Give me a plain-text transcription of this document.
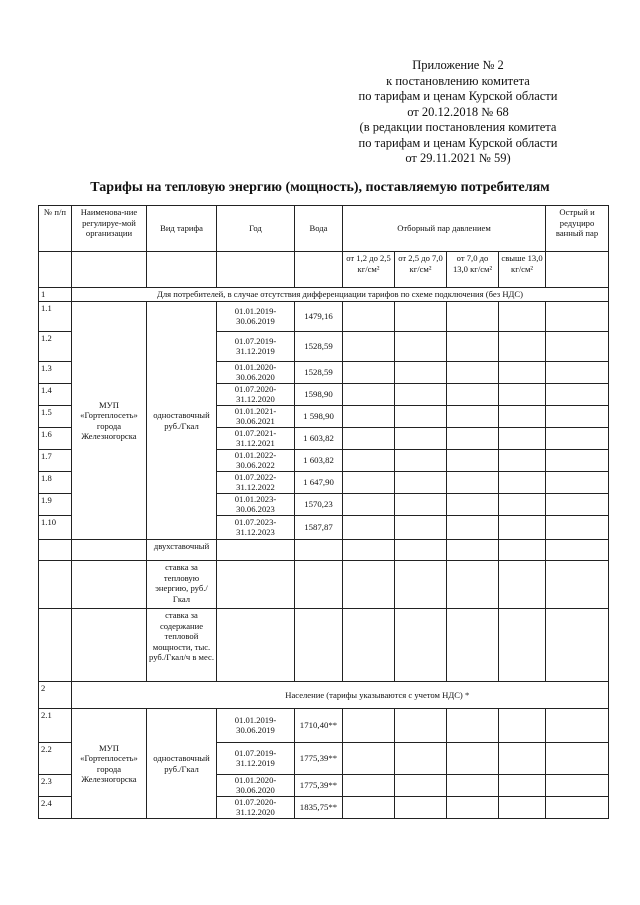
Приложение № 2
к постановлению комитета
по тарифам и ценам Курской области
от 20.12.2018 № 68
(в редакции постановления комитета
по тарифам и ценам Курской области
от 29.11.2021 № 59)
Тарифы на тепловую энергию (мощность), поставляемую потребителям
№ п/п	Наименова-ние регулируе-мой организации	Вид тарифа	Год	Вода	Отборный пар давлением				Острый и редуциро ванный пар
					от 1,2 до 2,5 кг/см²	от 2,5 до 7,0 кг/см²	от 7,0 до 13,0 кг/см²	свыше 13,0 кг/см²	
1	Для потребителей, в случае отсутствия дифференциации тарифов по схеме подключения (без НДС)								
1.1	МУП «Гортеплосеть» города Железногорска	одноставочный руб./Гкал	01.01.2019-30.06.2019	1479,16					
1.2			01.07.2019-31.12.2019	1528,59					
1.3			01.01.2020-30.06.2020	1528,59					
1.4			01.07.2020-31.12.2020	1598,90					
1.5			01.01.2021-30.06.2021	1 598,90					
1.6			01.07.2021-31.12.2021	1 603,82					
1.7			01.01.2022-30.06.2022	1 603,82					
1.8			01.07.2022-31.12.2022	1 647,90					
1.9			01.01.2023-30.06.2023	1570,23					
1.10			01.07.2023-31.12.2023	1587,87					
		двухставочный							
		ставка за тепловую энергию, руб./Гкал							
		ставка за содержание тепловой мощности, тыс. руб./Гкал/ч в мес.							
2		Население (тарифы указываются с учетом НДС) *							
2.1	МУП «Гортеплосеть» города Железногорска	одноставочный руб./Гкал	01.01.2019-30.06.2019	1710,40**					
2.2			01.07.2019-31.12.2019	1775,39**					
2.3			01.01.2020-30.06.2020	1775,39**					
2.4			01.07.2020-31.12.2020	1835,75**					
